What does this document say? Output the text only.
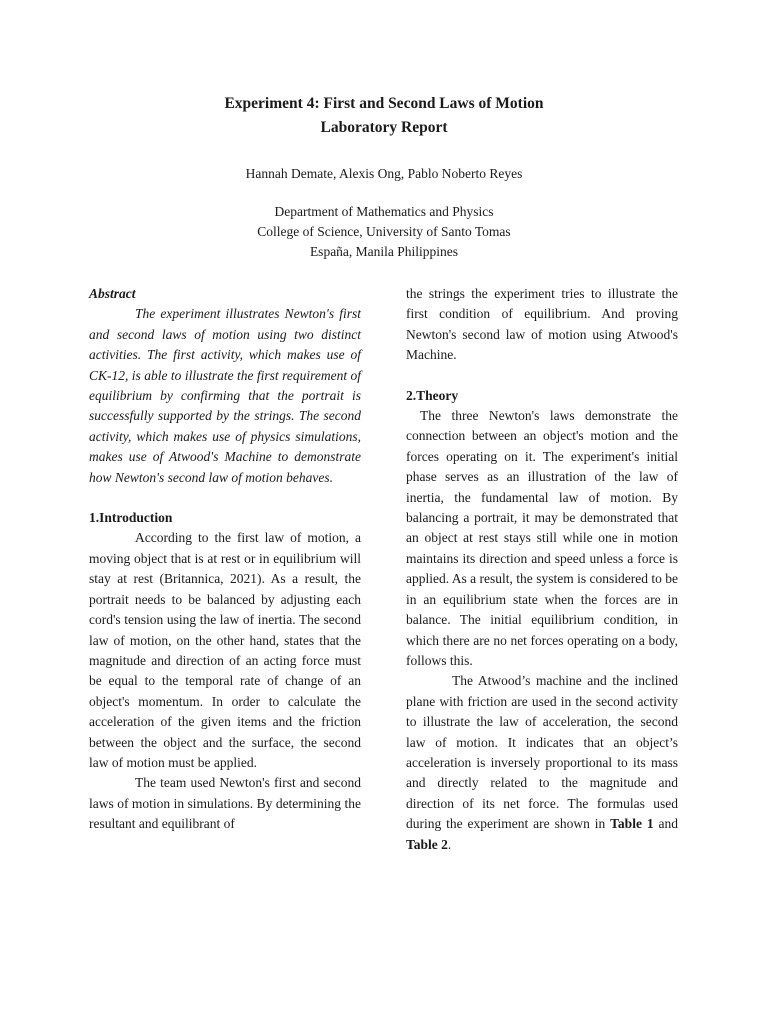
Experiment 4: First and Second Laws of Motion
Laboratory Report
Hannah Demate, Alexis Ong, Pablo Noberto Reyes
Department of Mathematics and Physics
College of Science, University of Santo Tomas
España, Manila Philippines

Abstract

The experiment illustrates Newton's first and second laws of motion using two distinct activities. The first activity, which makes use of CK-12, is able to illustrate the first requirement of equilibrium by confirming that the portrait is successfully supported by the strings. The second activity, which makes use of physics simulations, makes use of Atwood's Machine to demonstrate how Newton's second law of motion behaves.

1.Introduction

According to the first law of motion, a moving object that is at rest or in equilibrium will stay at rest (Britannica, 2021). As a result, the portrait needs to be balanced by adjusting each cord's tension using the law of inertia. The second law of motion, on the other hand, states that the magnitude and direction of an acting force must be equal to the temporal rate of change of an object's momentum. In order to calculate the acceleration of the given items and the friction between the object and the surface, the second law of motion must be applied.

The team used Newton's first and second laws of motion in simulations. By determining the resultant and equilibrant of

the strings the experiment tries to illustrate the first condition of equilibrium. And proving Newton's second law of motion using Atwood's Machine.

2.Theory

The three Newton's laws demonstrate the connection between an object's motion and the forces operating on it. The experiment's initial phase serves as an illustration of the law of inertia, the fundamental law of motion. By balancing a portrait, it may be demonstrated that an object at rest stays still while one in motion maintains its direction and speed unless a force is applied. As a result, the system is considered to be in an equilibrium state when the forces are in balance. The initial equilibrium condition, in which there are no net forces operating on a body, follows this.

The Atwood’s machine and the inclined plane with friction are used in the second activity to illustrate the law of acceleration, the second law of motion. It indicates that an object’s acceleration is inversely proportional to its mass and directly related to the magnitude and direction of its net force. The formulas used during the experiment are shown in Table 1 and Table 2.
